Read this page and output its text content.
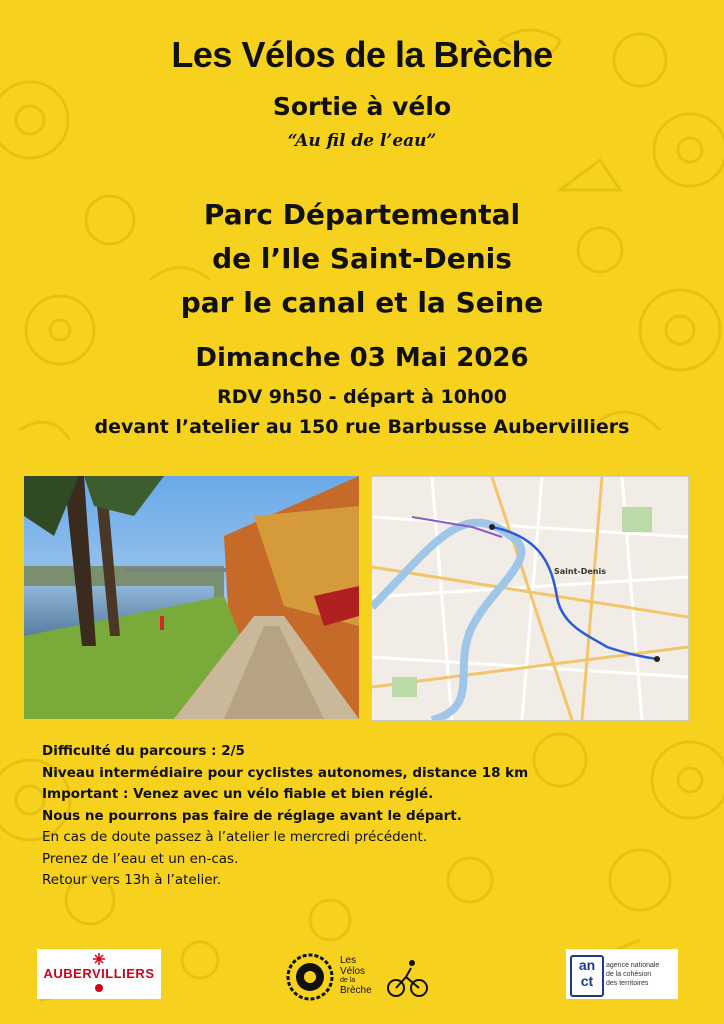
Les Vélos de la Brèche
Sortie à vélo
“Au fil de l’eau”
Parc Départemental
de l’Ile Saint-Denis
par le canal et la Seine
Dimanche 03 Mai 2026
RDV 9h50 - départ à 10h00
devant l’atelier au 150 rue Barbusse Aubervilliers
Saint-Denis
Difficulté du parcours : 2/5
Niveau intermédiaire pour cyclistes autonomes, distance 18 km
Important : Venez avec un vélo fiable et bien réglé.
Nous ne pourrons pas faire de réglage avant le départ.
En cas de doute passez à l’atelier le mercredi précédent.
Prenez de l’eau et un en-cas.
Retour vers 13h à l’atelier.
AUBERVILLIERS
Les
Vélos
de la
Brèche
an
ct
agence nationale
de la cohésion
des territoires
